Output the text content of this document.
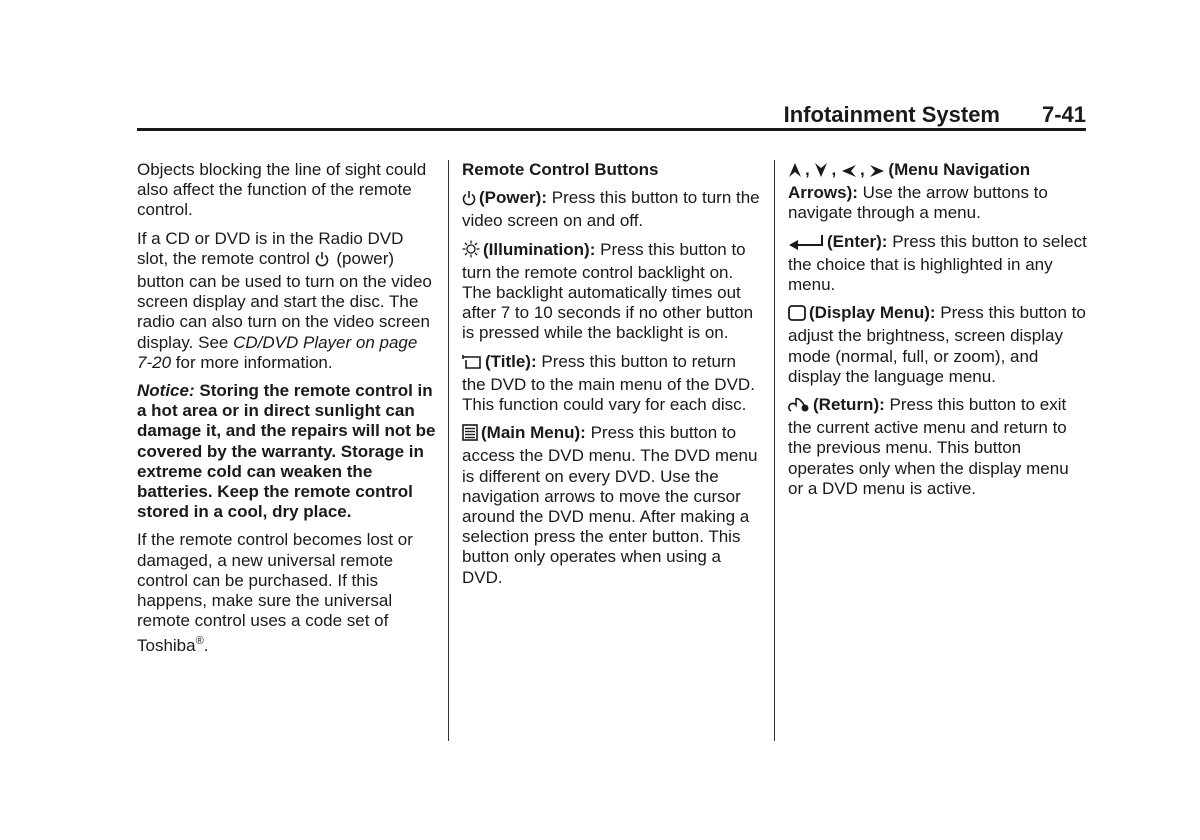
Infotainment System 7-41

Objects blocking the line of sight could also affect the function of the remote control.

If a CD or DVD is in the Radio DVD slot, the remote control (power) button can be used to turn on the video screen display and start the disc. The radio can also turn on the video screen display. See CD/DVD Player on page 7-20 for more information.

Notice: Storing the remote control in a hot area or in direct sunlight can damage it, and the repairs will not be covered by the warranty. Storage in extreme cold can weaken the batteries. Keep the remote control stored in a cool, dry place.

If the remote control becomes lost or damaged, a new universal remote control can be purchased. If this happens, make sure the universal remote control uses a code set of Toshiba®.

Remote Control Buttons

(Power): Press this button to turn the video screen on and off.

(Illumination): Press this button to turn the remote control backlight on. The backlight automatically times out after 7 to 10 seconds if no other button is pressed while the backlight is on.

(Title): Press this button to return the DVD to the main menu of the DVD. This function could vary for each disc.

(Main Menu): Press this button to access the DVD menu. The DVD menu is different on every DVD. Use the navigation arrows to move the cursor around the DVD menu. After making a selection press the enter button. This button only operates when using a DVD.

, , , (Menu Navigation Arrows): Use the arrow buttons to navigate through a menu.

(Enter): Press this button to select the choice that is highlighted in any menu.

(Display Menu): Press this button to adjust the brightness, screen display mode (normal, full, or zoom), and display the language menu.

(Return): Press this button to exit the current active menu and return to the previous menu. This button operates only when the display menu or a DVD menu is active.
